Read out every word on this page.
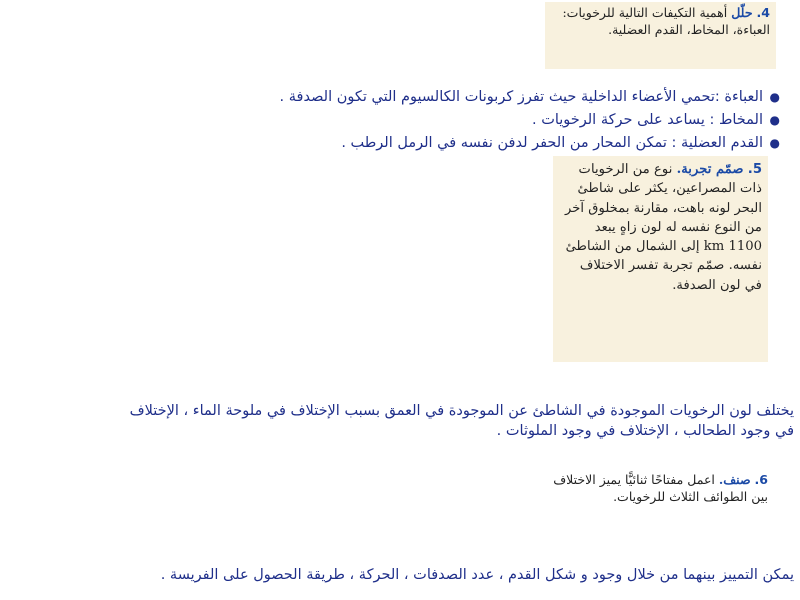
4. حلّل أهمية التكيفات التالية للرخويات: العباءة، المخاط، القدم العضلية.
●
العباءة :تحمي الأعضاء الداخلية حيث تفرز كربونات الكالسيوم التي تكون الصدفة .
●
المخاط : يساعد على حركة الرخويات .
●
القدم العضلية : تمكن المحار من الحفر لدفن نفسه في الرمل الرطب .
5. صمّم تجربة. نوع من الرخويات ذات المصراعين، يكثر على شاطئ البحر لونه باهت، مقارنة بمخلوق آخر من النوع نفسه له لون زاهٍ يبعد 1100 km إلى الشمال من الشاطئ نفسه. صمّم تجربة تفسر الاختلاف في لون الصدفة.
يختلف لون الرخويات الموجودة في الشاطئ عن الموجودة في العمق بسبب الإختلاف في ملوحة الماء ، الإختلاف
في وجود الطحالب ، الإختلاف في وجود الملوثات .
6. صنف. اعمل مفتاحًا ثنائيًّا يميز الاختلاف بين الطوائف الثلاث للرخويات.
يمكن التمييز بينهما من خلال وجود و شكل القدم ، عدد الصدفات ، الحركة ، طريقة الحصول على الفريسة .
